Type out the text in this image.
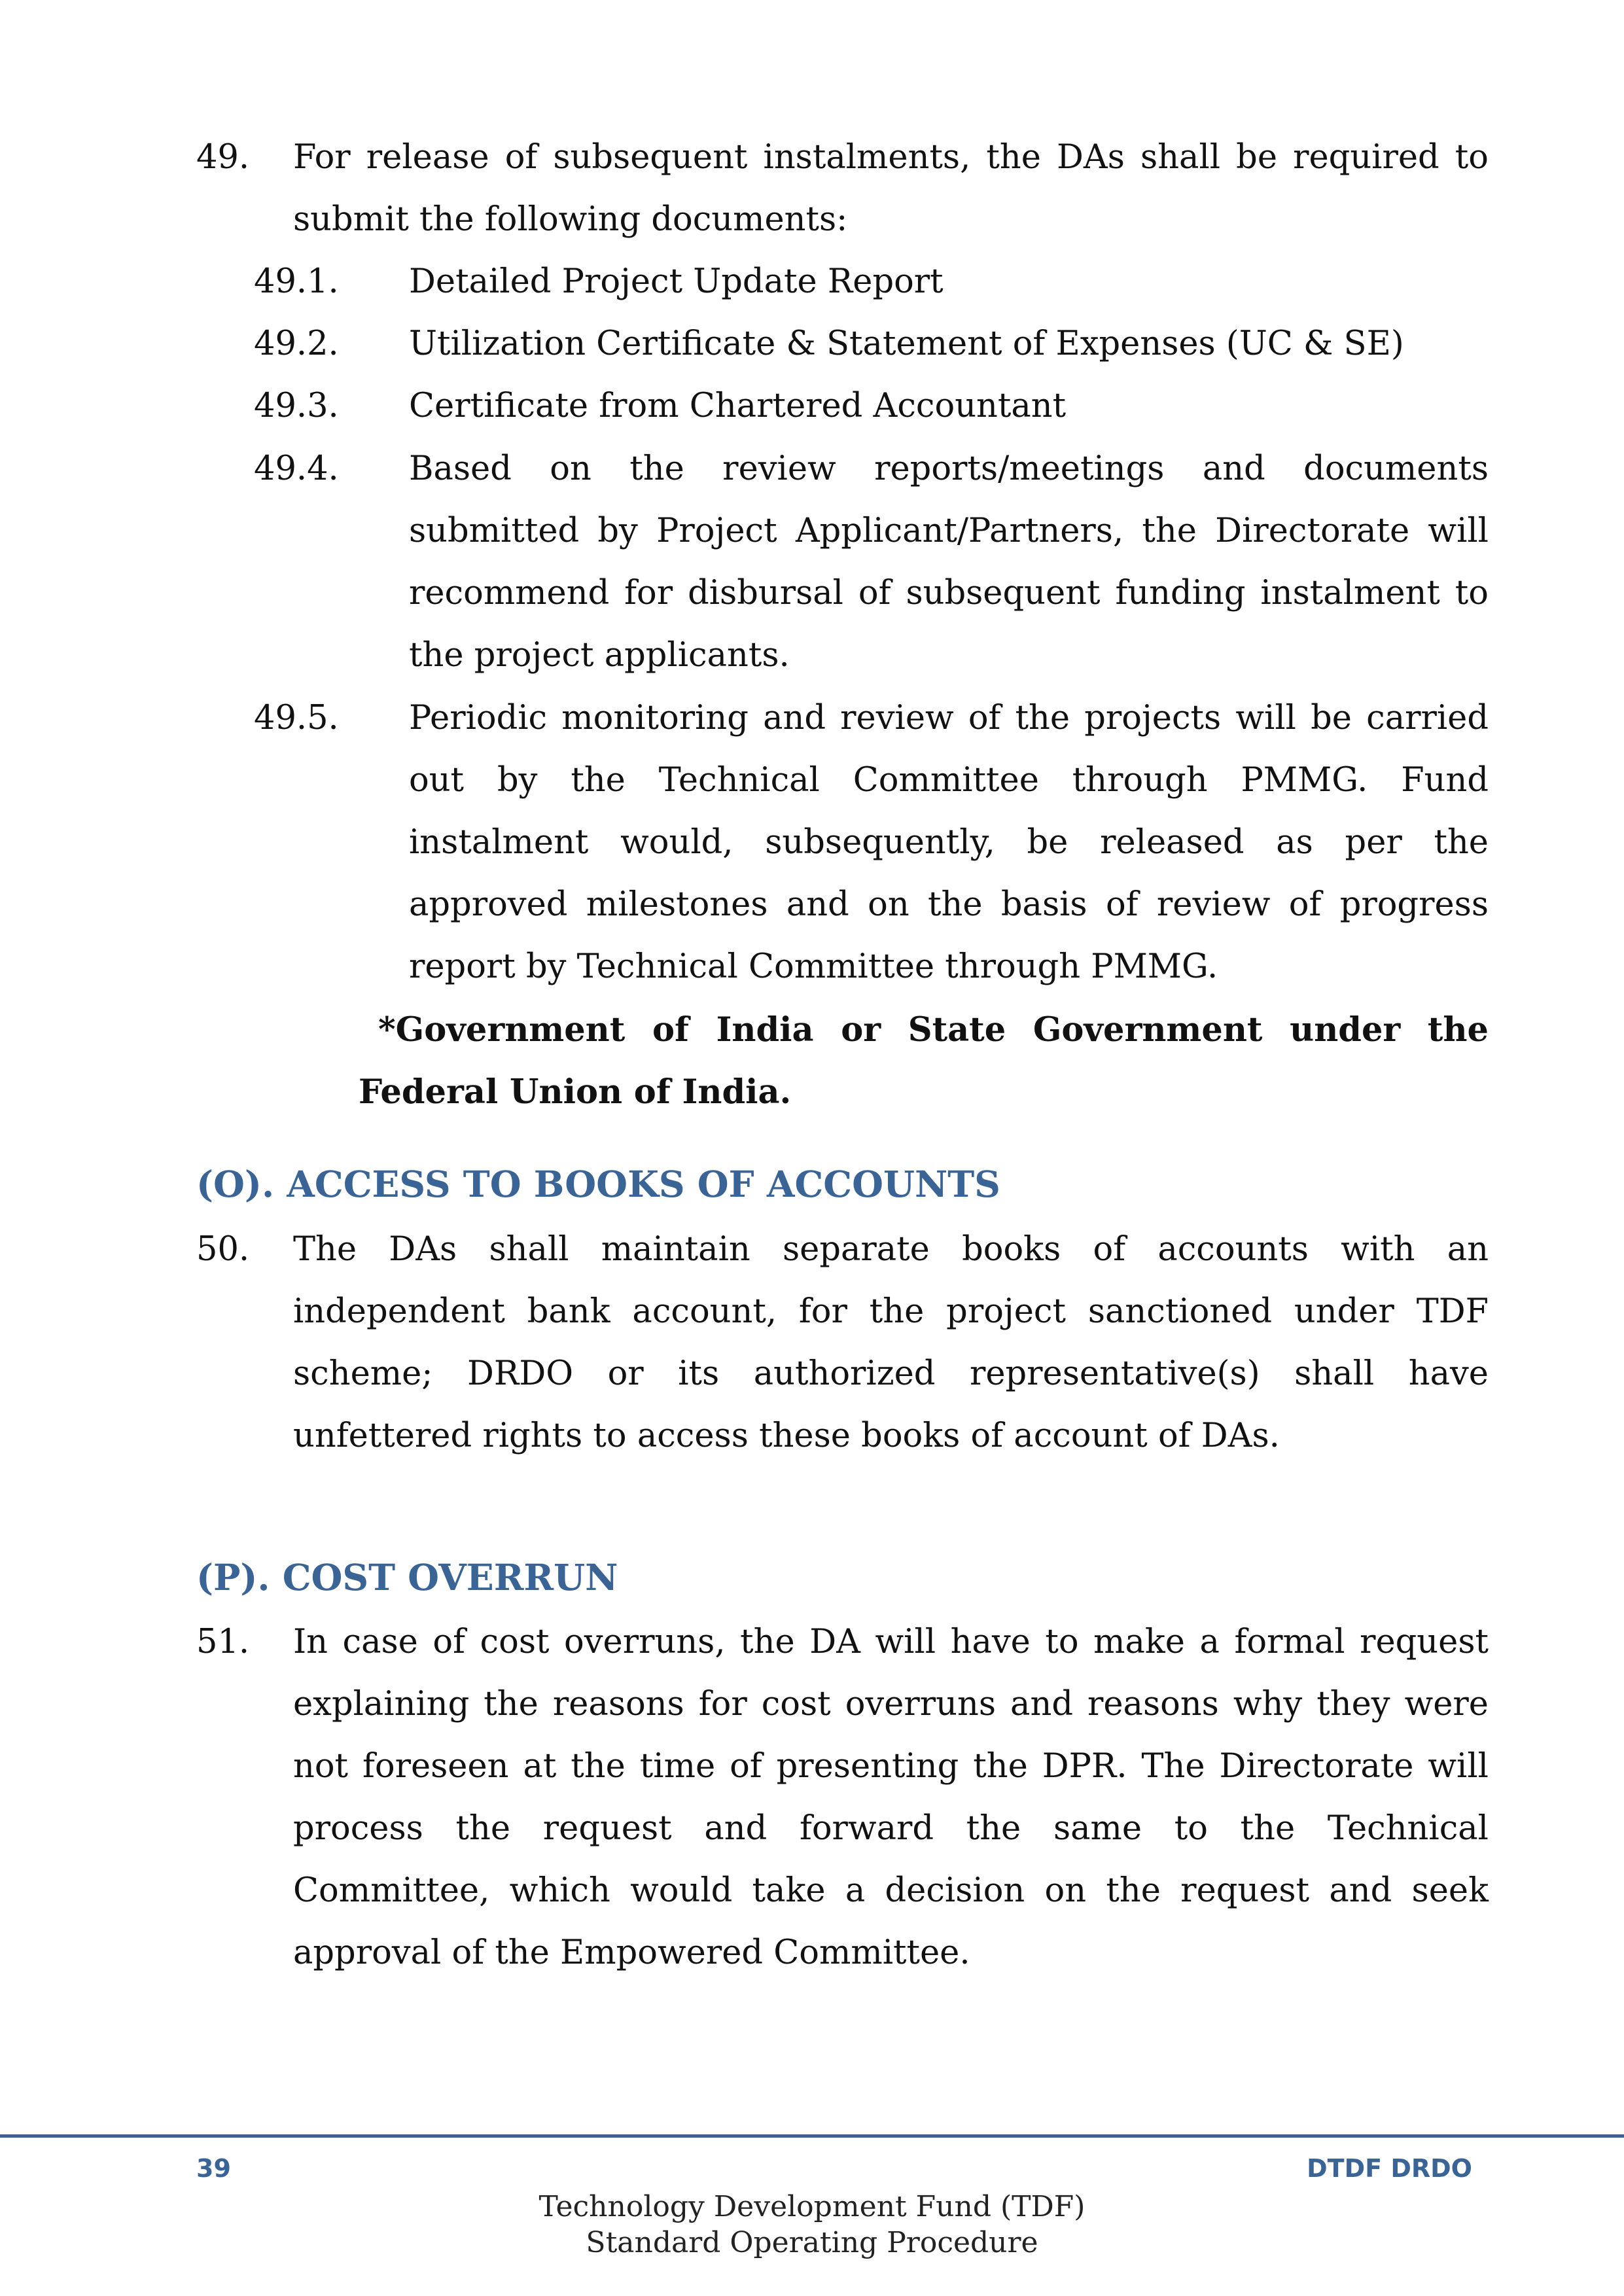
49. For release of subsequent instalments, the DAs shall be required to submit the following documents:
49.1. Detailed Project Update Report
49.2. Utilization Certificate & Statement of Expenses (UC & SE)
49.3. Certificate from Chartered Accountant
49.4. Based on the review reports/meetings and documents submitted by Project Applicant/Partners, the Directorate will recommend for disbursal of subsequent funding instalment to the project applicants.
49.5. Periodic monitoring and review of the projects will be carried out by the Technical Committee through PMMG. Fund instalment would, subsequently, be released as per the approved milestones and on the basis of review of progress report by Technical Committee through PMMG.
*Government of India or State Government under the
Federal Union of India.
(O). ACCESS TO BOOKS OF ACCOUNTS
50. The DAs shall maintain separate books of accounts with an independent bank account, for the project sanctioned under TDF scheme; DRDO or its authorized representative(s) shall have unfettered rights to access these books of account of DAs.
(P). COST OVERRUN
51. In case of cost overruns, the DA will have to make a formal request explaining the reasons for cost overruns and reasons why they were not foreseen at the time of presenting the DPR. The Directorate will process the request and forward the same to the Technical Committee, which would take a decision on the request and seek approval of the Empowered Committee.
39	DTDF DRDO
Technology Development Fund (TDF)
Standard Operating Procedure
